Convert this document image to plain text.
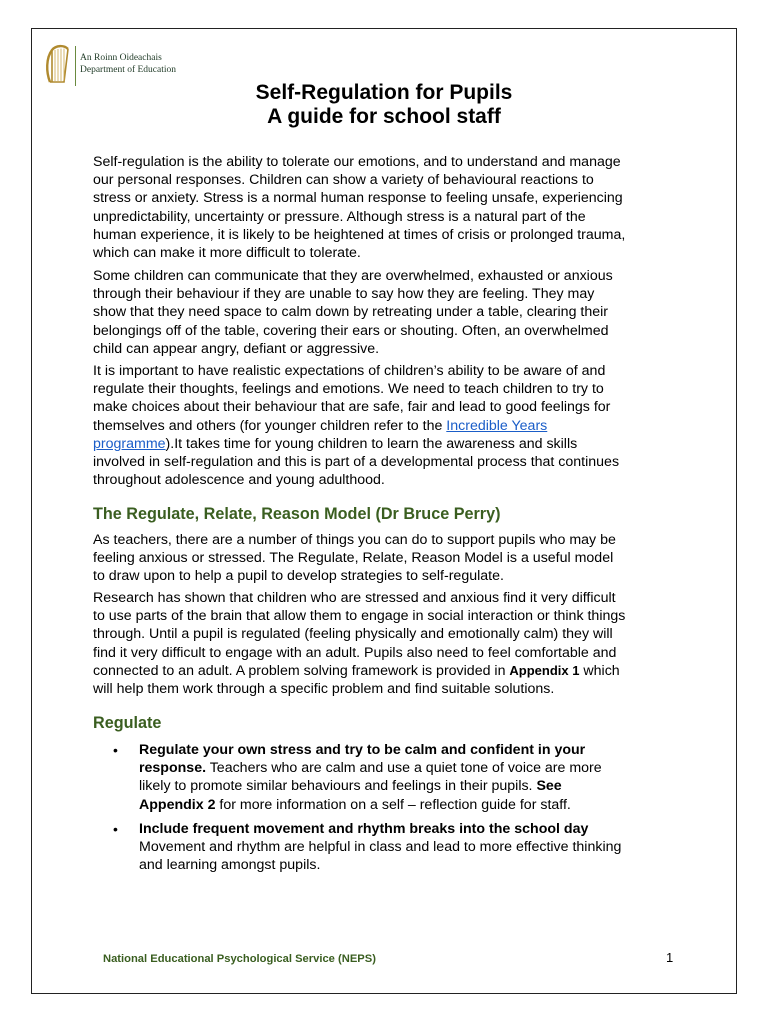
An Roinn Oideachais
Department of Education
Self-Regulation for Pupils
A guide for school staff
Self-regulation is the ability to tolerate our emotions, and to understand and manage
our personal responses. Children can show a variety of behavioural reactions to
stress or anxiety. Stress is a normal human response to feeling unsafe, experiencing
unpredictability, uncertainty or pressure. Although stress is a natural part of the
human experience, it is likely to be heightened at times of crisis or prolonged trauma,
which can make it more difficult to tolerate.
Some children can communicate that they are overwhelmed, exhausted or anxious
through their behaviour if they are unable to say how they are feeling. They may
show that they need space to calm down by retreating under a table, clearing their
belongings off of the table, covering their ears or shouting. Often, an overwhelmed
child can appear angry, defiant or aggressive.
It is important to have realistic expectations of children’s ability to be aware of and
regulate their thoughts, feelings and emotions. We need to teach children to try to
make choices about their behaviour that are safe, fair and lead to good feelings for
themselves and others (for younger children refer to the Incredible Years
programme).It takes time for young children to learn the awareness and skills
involved in self-regulation and this is part of a developmental process that continues
throughout adolescence and young adulthood.
The Regulate, Relate, Reason Model (Dr Bruce Perry)
As teachers, there are a number of things you can do to support pupils who may be
feeling anxious or stressed. The Regulate, Relate, Reason Model is a useful model
to draw upon to help a pupil to develop strategies to self-regulate.
Research has shown that children who are stressed and anxious find it very difficult
to use parts of the brain that allow them to engage in social interaction or think things
through. Until a pupil is regulated (feeling physically and emotionally calm) they will
find it very difficult to engage with an adult. Pupils also need to feel comfortable and
connected to an adult. A problem solving framework is provided in Appendix 1 which
will help them work through a specific problem and find suitable solutions.
Regulate
• Regulate your own stress and try to be calm and confident in your
response. Teachers who are calm and use a quiet tone of voice are more
likely to promote similar behaviours and feelings in their pupils. See
Appendix 2 for more information on a self – reflection guide for staff.
• Include frequent movement and rhythm breaks into the school day
Movement and rhythm are helpful in class and lead to more effective thinking
and learning amongst pupils.
National Educational Psychological Service (NEPS)	1
